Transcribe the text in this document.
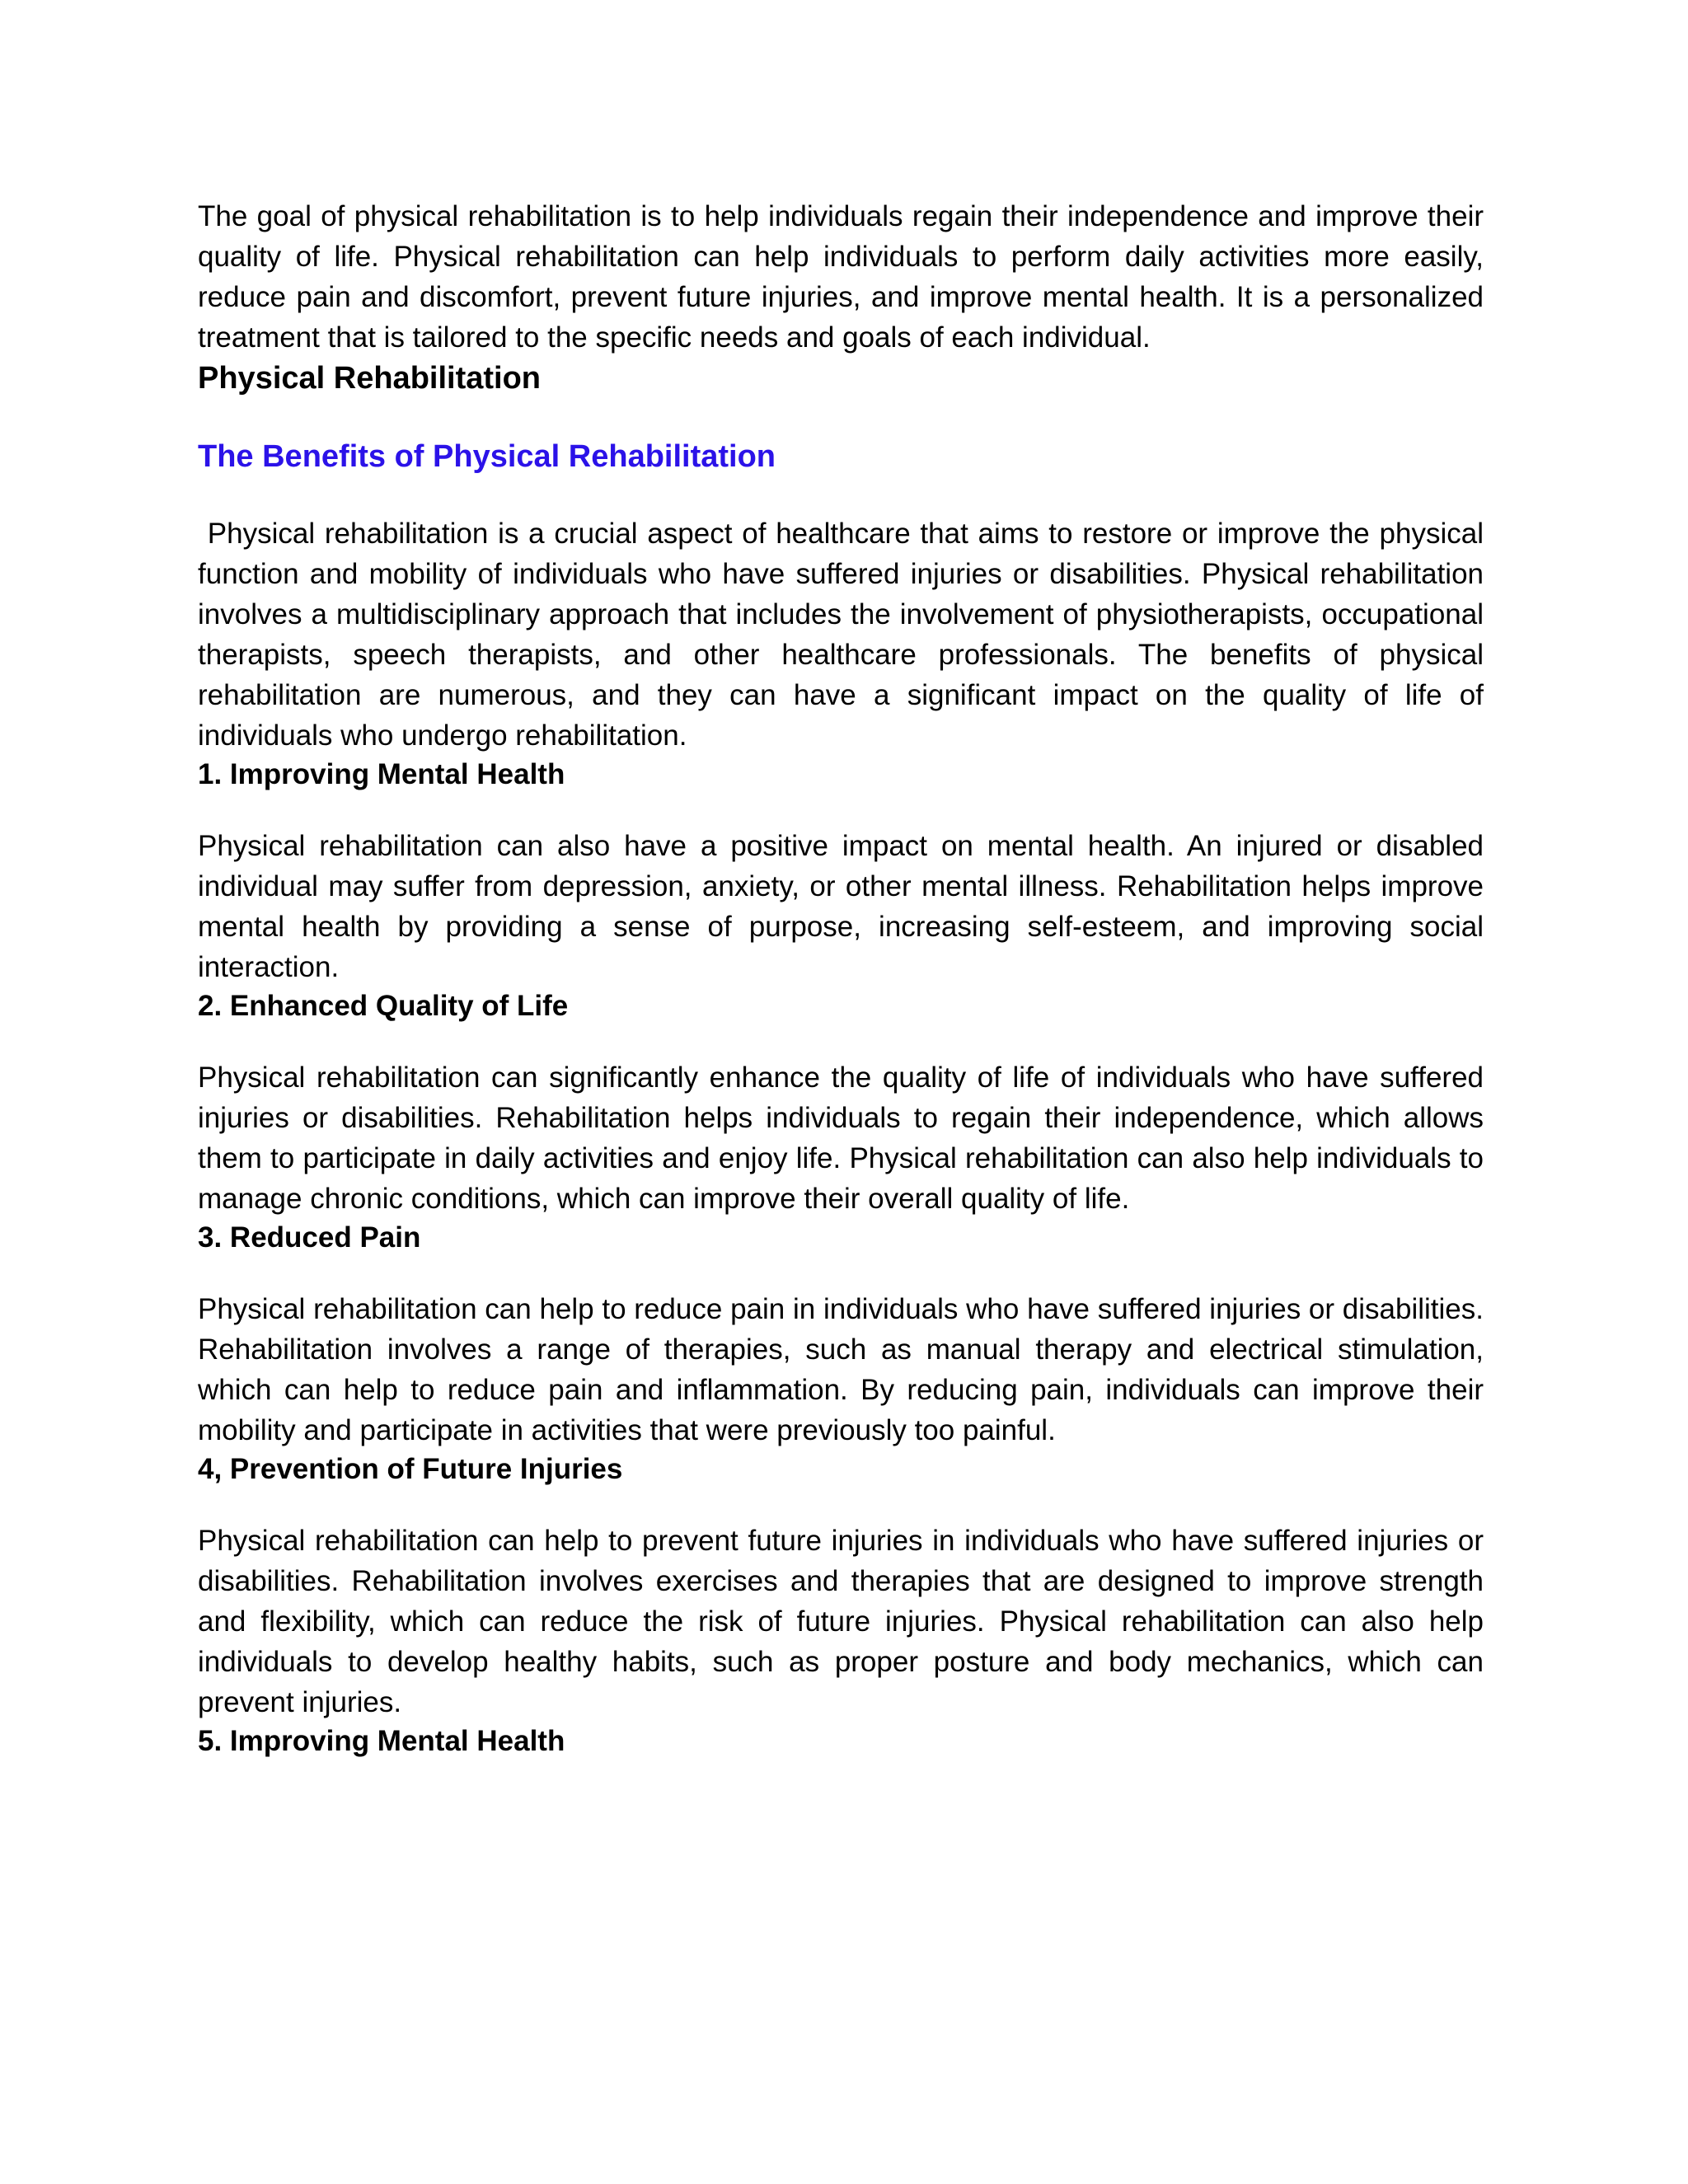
The goal of physical rehabilitation is to help individuals regain their independence and improve their quality of life. Physical rehabilitation can help individuals to perform daily activities more easily, reduce pain and discomfort, prevent future injuries, and improve mental health. It is a personalized treatment that is tailored to the specific needs and goals of each individual.

Physical Rehabilitation
The Benefits of Physical Rehabilitation

Physical rehabilitation is a crucial aspect of healthcare that aims to restore or improve the physical function and mobility of individuals who have suffered injuries or disabilities. Physical rehabilitation involves a multidisciplinary approach that includes the involvement of physiotherapists, occupational therapists, speech therapists, and other healthcare professionals. The benefits of physical rehabilitation are numerous, and they can have a significant impact on the quality of life of individuals who undergo rehabilitation.

1. Improving Mental Health

Physical rehabilitation can also have a positive impact on mental health. An injured or disabled individual may suffer from depression, anxiety, or other mental illness. Rehabilitation helps improve mental health by providing a sense of purpose, increasing self-esteem, and improving social interaction.

2. Enhanced Quality of Life

Physical rehabilitation can significantly enhance the quality of life of individuals who have suffered injuries or disabilities. Rehabilitation helps individuals to regain their independence, which allows them to participate in daily activities and enjoy life. Physical rehabilitation can also help individuals to manage chronic conditions, which can improve their overall quality of life.

3. Reduced Pain

Physical rehabilitation can help to reduce pain in individuals who have suffered injuries or disabilities. Rehabilitation involves a range of therapies, such as manual therapy and electrical stimulation, which can help to reduce pain and inflammation. By reducing pain, individuals can improve their mobility and participate in activities that were previously too painful.

4, Prevention of Future Injuries

Physical rehabilitation can help to prevent future injuries in individuals who have suffered injuries or disabilities. Rehabilitation involves exercises and therapies that are designed to improve strength and flexibility, which can reduce the risk of future injuries. Physical rehabilitation can also help individuals to develop healthy habits, such as proper posture and body mechanics, which can prevent injuries.

5. Improving Mental Health
